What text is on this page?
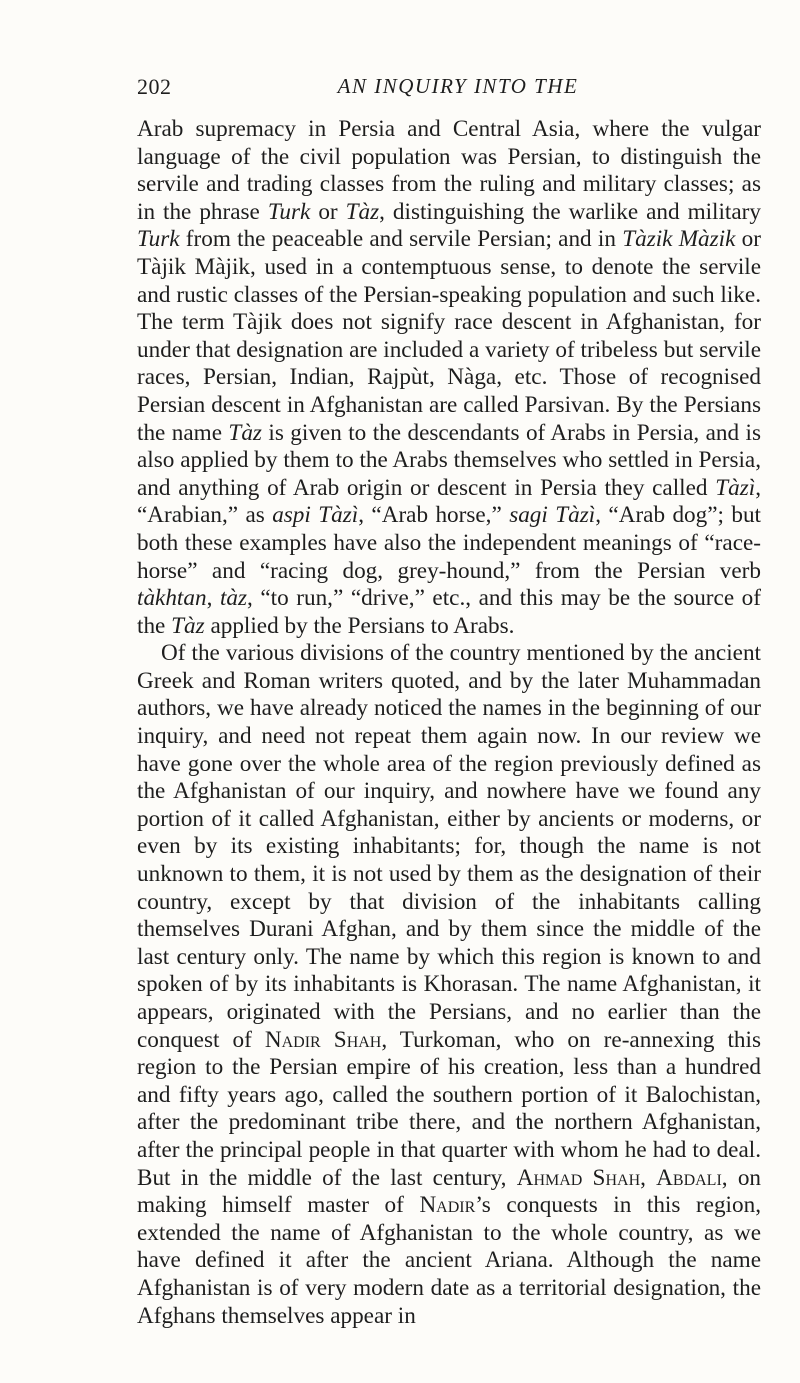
202	AN INQUIRY INTO THE

Arab supremacy in Persia and Central Asia, where the vulgar language of the civil population was Persian, to distinguish the servile and trading classes from the ruling and military classes; as in the phrase Turk or Tàz, distinguishing the warlike and military Turk from the peaceable and servile Persian; and in Tàzik Màzik or Tàjik Màjik, used in a contemptuous sense, to denote the servile and rustic classes of the Persian-speaking population and such like. The term Tàjik does not signify race descent in Afghanistan, for under that designation are included a variety of tribeless but servile races, Persian, Indian, Rajpùt, Nàga, etc. Those of recognised Persian descent in Afghanistan are called Parsivan. By the Persians the name Tàz is given to the descendants of Arabs in Persia, and is also applied by them to the Arabs themselves who settled in Persia, and anything of Arab origin or descent in Persia they called Tàzì, “Arabian,” as aspi Tàzì, “Arab horse,” sagi Tàzì, “Arab dog”; but both these examples have also the independent meanings of “race-horse” and “racing dog, grey-hound,” from the Persian verb tàkhtan, tàz, “to run,” “drive,” etc., and this may be the source of the Tàz applied by the Persians to Arabs.

Of the various divisions of the country mentioned by the ancient Greek and Roman writers quoted, and by the later Muhammadan authors, we have already noticed the names in the beginning of our inquiry, and need not repeat them again now. In our review we have gone over the whole area of the region previously defined as the Afghanistan of our inquiry, and nowhere have we found any portion of it called Afghanistan, either by ancients or moderns, or even by its existing inhabitants; for, though the name is not unknown to them, it is not used by them as the designation of their country, except by that division of the inhabitants calling themselves Durani Afghan, and by them since the middle of the last century only. The name by which this region is known to and spoken of by its inhabitants is Khorasan. The name Afghanistan, it appears, originated with the Persians, and no earlier than the conquest of Nadir Shah, Turkoman, who on re-annexing this region to the Persian empire of his creation, less than a hundred and fifty years ago, called the southern portion of it Balochistan, after the predominant tribe there, and the northern Afghanistan, after the principal people in that quarter with whom he had to deal. But in the middle of the last century, Ahmad Shah, Abdali, on making himself master of Nadir’s conquests in this region, extended the name of Afghanistan to the whole country, as we have defined it after the ancient Ariana. Although the name Afghanistan is of very modern date as a territorial designation, the Afghans themselves appear in
